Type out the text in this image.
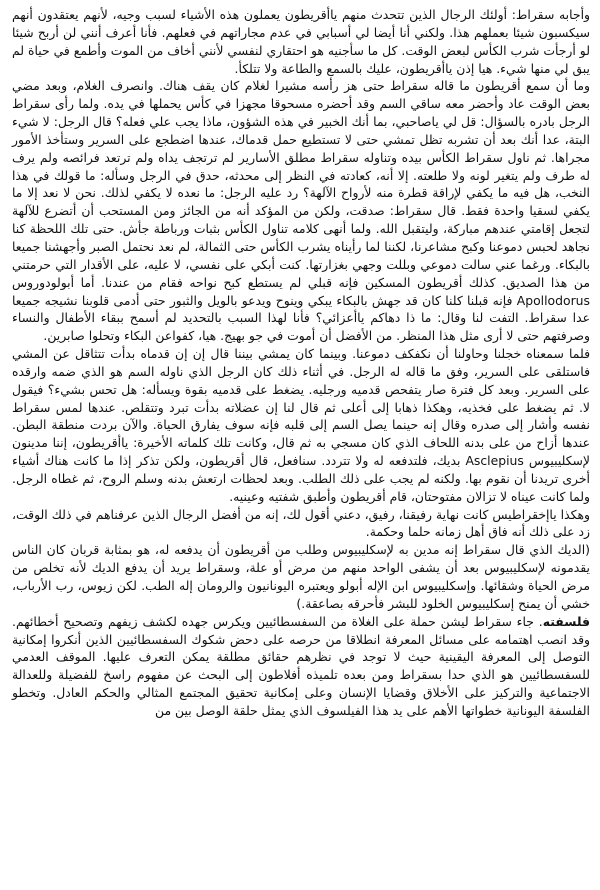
وأجابه سقراط: أولئك الرجال الذين تتحدث منهم ياأقريطون يعملون هذه الأشياء لسبب وجيه، لأنهم يعتقدون أنهم سيكسبون شيئا بعملهم هذا. ولكني أنا أيضا لي أسبابي في عدم مجاراتهم في فعلهم. فأنا أعرف أنني لن أربح شيئا لو أرجأت شرب الكأس لبعض الوقت. كل ما سأجنيه هو احتقاري لنفسي لأنني أخاف من الموت وأطمع في حياة لم يبق لي منها شيء. هيا إذن ياأقريطون، عليك بالسمع والطاعة ولا تتلكأ.

وما أن سمع أقريطون ما قاله سقراط حتى هز رأسه مشيرا لغلام كان يقف هناك. وانصرف الغلام، وبعد مضي بعض الوقت عاد وأحضر معه ساقي السم وقد أحضره مسحوقا مجهزا في كأس يحملها في يده. ولما رأى سقراط الرجل بادره بالسؤال: قل لي ياصاحبي، بما أنك الخبير في هذه الشؤون، ماذا يجب علي فعله؟ قال الرجل: لا شيء البتة، عدا أنك بعد أن تشربه تظل تمشي حتى لا تستطيع حمل قدماك، عندها اضطجع على السرير وستأخذ الأمور مجراها. ثم ناول سقراط الكأس بيده وتناوله سقراط مطلق الأسارير لم ترتجف يداه ولم ترتعد فرائصه ولم يرف له طرف ولم يتغير لونه ولا طلعته. إلا أنه، كعادته في النظر إلى محدثه، حدق في الرجل وسأله: ما قولك في هذا النخب، هل فيه ما يكفي لإراقة قطرة منه لأرواح الآلهة؟ رد عليه الرجل: ما نعده لا يكفي لذلك. نحن لا نعد إلا ما يكفي لسقيا واحدة فقط. قال سقراط: صدقت، ولكن من المؤكد أنه من الجائز ومن المستحب أن أتضرع للآلهة لتجعل إقامتي عندهم مباركة، وليتقبل الله. ولما أنهى كلامه تناول الكأس بثبات ورباطة جأش. حتى تلك اللحظة كنا نجاهد لحبس دموعنا وكبح مشاعرنا، لكننا لما رأيناه يشرب الكأس حتى الثمالة، لم نعد نحتمل الصبر وأجهشنا جميعا بالبكاء. ورغما عني سالت دموعي وبللت وجهي بغزارتها. كنت أبكي على نفسي، لا عليه، على الأقدار التي حرمتني من هذا الصديق. كذلك أقريطون المسكين فإنه قبلي لم يستطع كبح نواحه فقام من عندنا. أما أبولودوروس Apollodorus فإنه قبلنا كلنا كان قد جهش بالبكاء يبكي وينوح ويدعو بالويل والثبور حتى أدمى قلوبنا نشيجه جميعا عدا سقراط. التفت لنا وقال: ما ذا دهاكم ياأعزائي؟ فأنا لهذا السبب بالتحديد لم أسمح ببقاء الأطفال والنساء وصرفتهم حتى لا أرى مثل هذا المنظر. من الأفضل أن أموت في جو بهيج. هيا، كفواعن البكاء وتحلوا صابرين.

فلما سمعناه خجلنا وحاولنا أن نكفكف دموعنا. وبينما كان يمشي بيننا قال إن إن قدماه بدأت تتثاقل عن المشي فاستلقى على السرير، وفق ما قاله له الرجل. في أثناء ذلك كان الرجل الذي ناوله السم هو الذي ضمه وارقده على السرير. وبعد كل فترة صار يتفحص قدميه ورجليه. يضغط على قدميه بقوة ويسأله: هل تحس بشيء؟ فيقول لا. ثم يضغط على فخذيه، وهكذا ذهابا إلى أعلى ثم قال لنا إن عضلاته بدأت تبرد وتتقلص. عندها لمس سقراط نفسه وأشار إلى صدره وقال إنه حينما يصل السم إلى قلبه فإنه سوف يفارق الحياة. والآن بردت منطقة البطن. عندها أزاح من على بدنه اللحاف الذي كان مسجي به ثم قال، وكانت تلك كلماته الأخيرة: ياأقريطون، إننا مدينون لإسكليبيوس Asclepius بديك، فلتدفعه له ولا تتردد. سنافعل، قال أقريطون، ولكن تذكر إذا ما كانت هناك أشياء أخرى تريدنا أن نقوم بها. ولكنه لم يجب على ذلك الطلب. وبعد لحظات ارتعش بدنه وسلم الروح، ثم غطاه الرجل. ولما كانت عيناه لا تزالان مفتوحتان، قام أقريطون وأطبق شفتيه وعينيه.

وهكذا ياإخقراطيس كانت نهاية رفيقنا، رفيق، دعني أقول لك، إنه من أفضل الرجال الذين عرفناهم في ذلك الوقت، زد على ذلك أنه فاق أهل زمانه حلما وحكمة.

(الديك الذي قال سقراط إنه مدين به لإسكليبيوس وطلب من أقريطون أن يدفعه له، هو بمثابة قربان كان الناس يقدمونه لإسكليبيوس بعد أن يشفى الواحد منهم من مرض أو علة، وسقراط يريد أن يدفع الديك لأنه تخلص من مرض الحياة وشقائها. وإسكليبيوس ابن الإله أبولو ويعتبره اليونانيون والرومان إله الطب. لكن زيوس، رب الأرباب، خشي أن يمنح إسكليبيوس الخلود للبشر فأحرقه بصاعقة.)

فلسفته. جاء سقراط ليشن حملة على الغلاة من السفسطائيين ويكرس جهده لكشف زيفهم وتصحيح أخطائهم. وقد انصب اهتمامه على مسائل المعرفة انطلاقا من حرصه على دحض شكوك السفسطائيين الذين أنكروا إمكانية التوصل إلى المعرفة اليقينية حيث لا توجد في نظرهم حقائق مطلقة يمكن التعرف عليها. الموقف العدمي للسفسطائيين هو الذي حدا بسقراط ومن بعده تلميذه أفلاطون إلى البحث عن مفهوم راسخ للفضيلة وللعدالة الاجتماعية والتركيز على الأخلاق وقضايا الإنسان وعلى إمكانية تحقيق المجتمع المثالي والحكم العادل. وتخطو الفلسفة اليونانية خطواتها الأهم على يد هذا الفيلسوف الذي يمثل حلقة الوصل بين من
